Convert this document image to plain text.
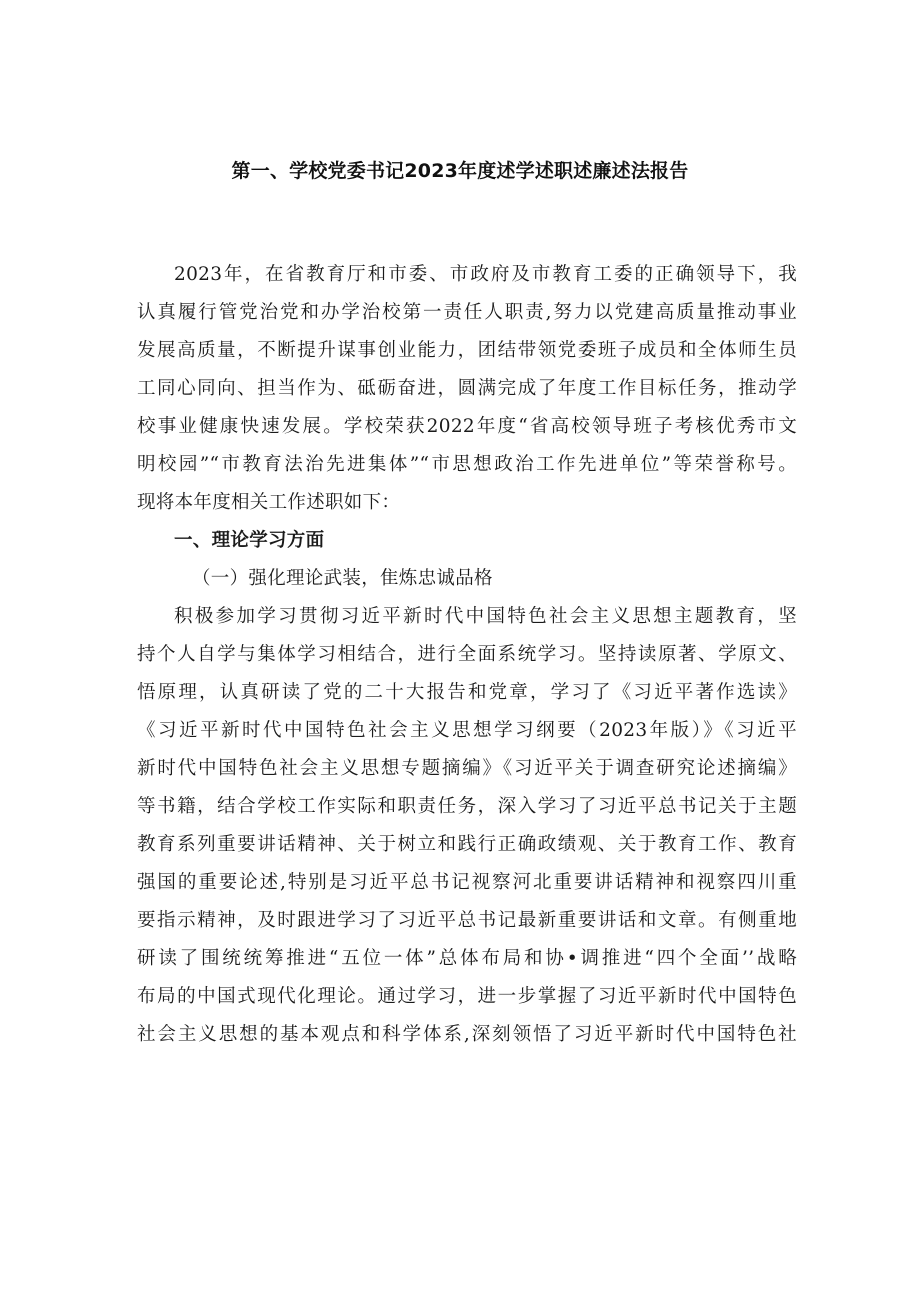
第一、学校党委书记2023年度述学述职述廉述法报告
2023年，在省教育厅和市委、市政府及市教育工委的正确领导下，我
认真履行管党治党和办学治校第一责任人职责,努力以党建高质量推动事业
发展高质量，不断提升谋事创业能力，团结带领党委班子成员和全体师生员
工同心同向、担当作为、砥砺奋进，圆满完成了年度工作目标任务，推动学
校事业健康快速发展。学校荣获2022年度“省高校领导班子考核优秀市文
明校园”“市教育法治先进集体”“市思想政治工作先进单位”等荣誉称号。
现将本年度相关工作述职如下：
一、理论学习方面
（一）强化理论武装，隹炼忠诚品格
积极参加学习贯彻习近平新时代中国特色社会主义思想主题教育，坚
持个人自学与集体学习相结合，进行全面系统学习。坚持读原著、学原文、
悟原理，认真研读了党的二十大报告和党章，学习了《习近平著作选读》
《习近平新时代中国特色社会主义思想学习纲要（2023年版）》《习近平
新时代中国特色社会主义思想专题摘编》《习近平关于调查研究论述摘编》
等书籍，结合学校工作实际和职责任务，深入学习了习近平总书记关于主题
教育系列重要讲话精神、关于树立和践行正确政绩观、关于教育工作、教育
强国的重要论述,特别是习近平总书记视察河北重要讲话精神和视察四川重
要指示精神，及时跟进学习了习近平总书记最新重要讲话和文章。有侧重地
研读了围统统筹推进“五位一体”总体布局和协•调推进“四个全面’’战略
布局的中国式现代化理论。通过学习，进一步掌握了习近平新时代中国特色
社会主义思想的基本观点和科学体系,深刻领悟了习近平新时代中国特色社
